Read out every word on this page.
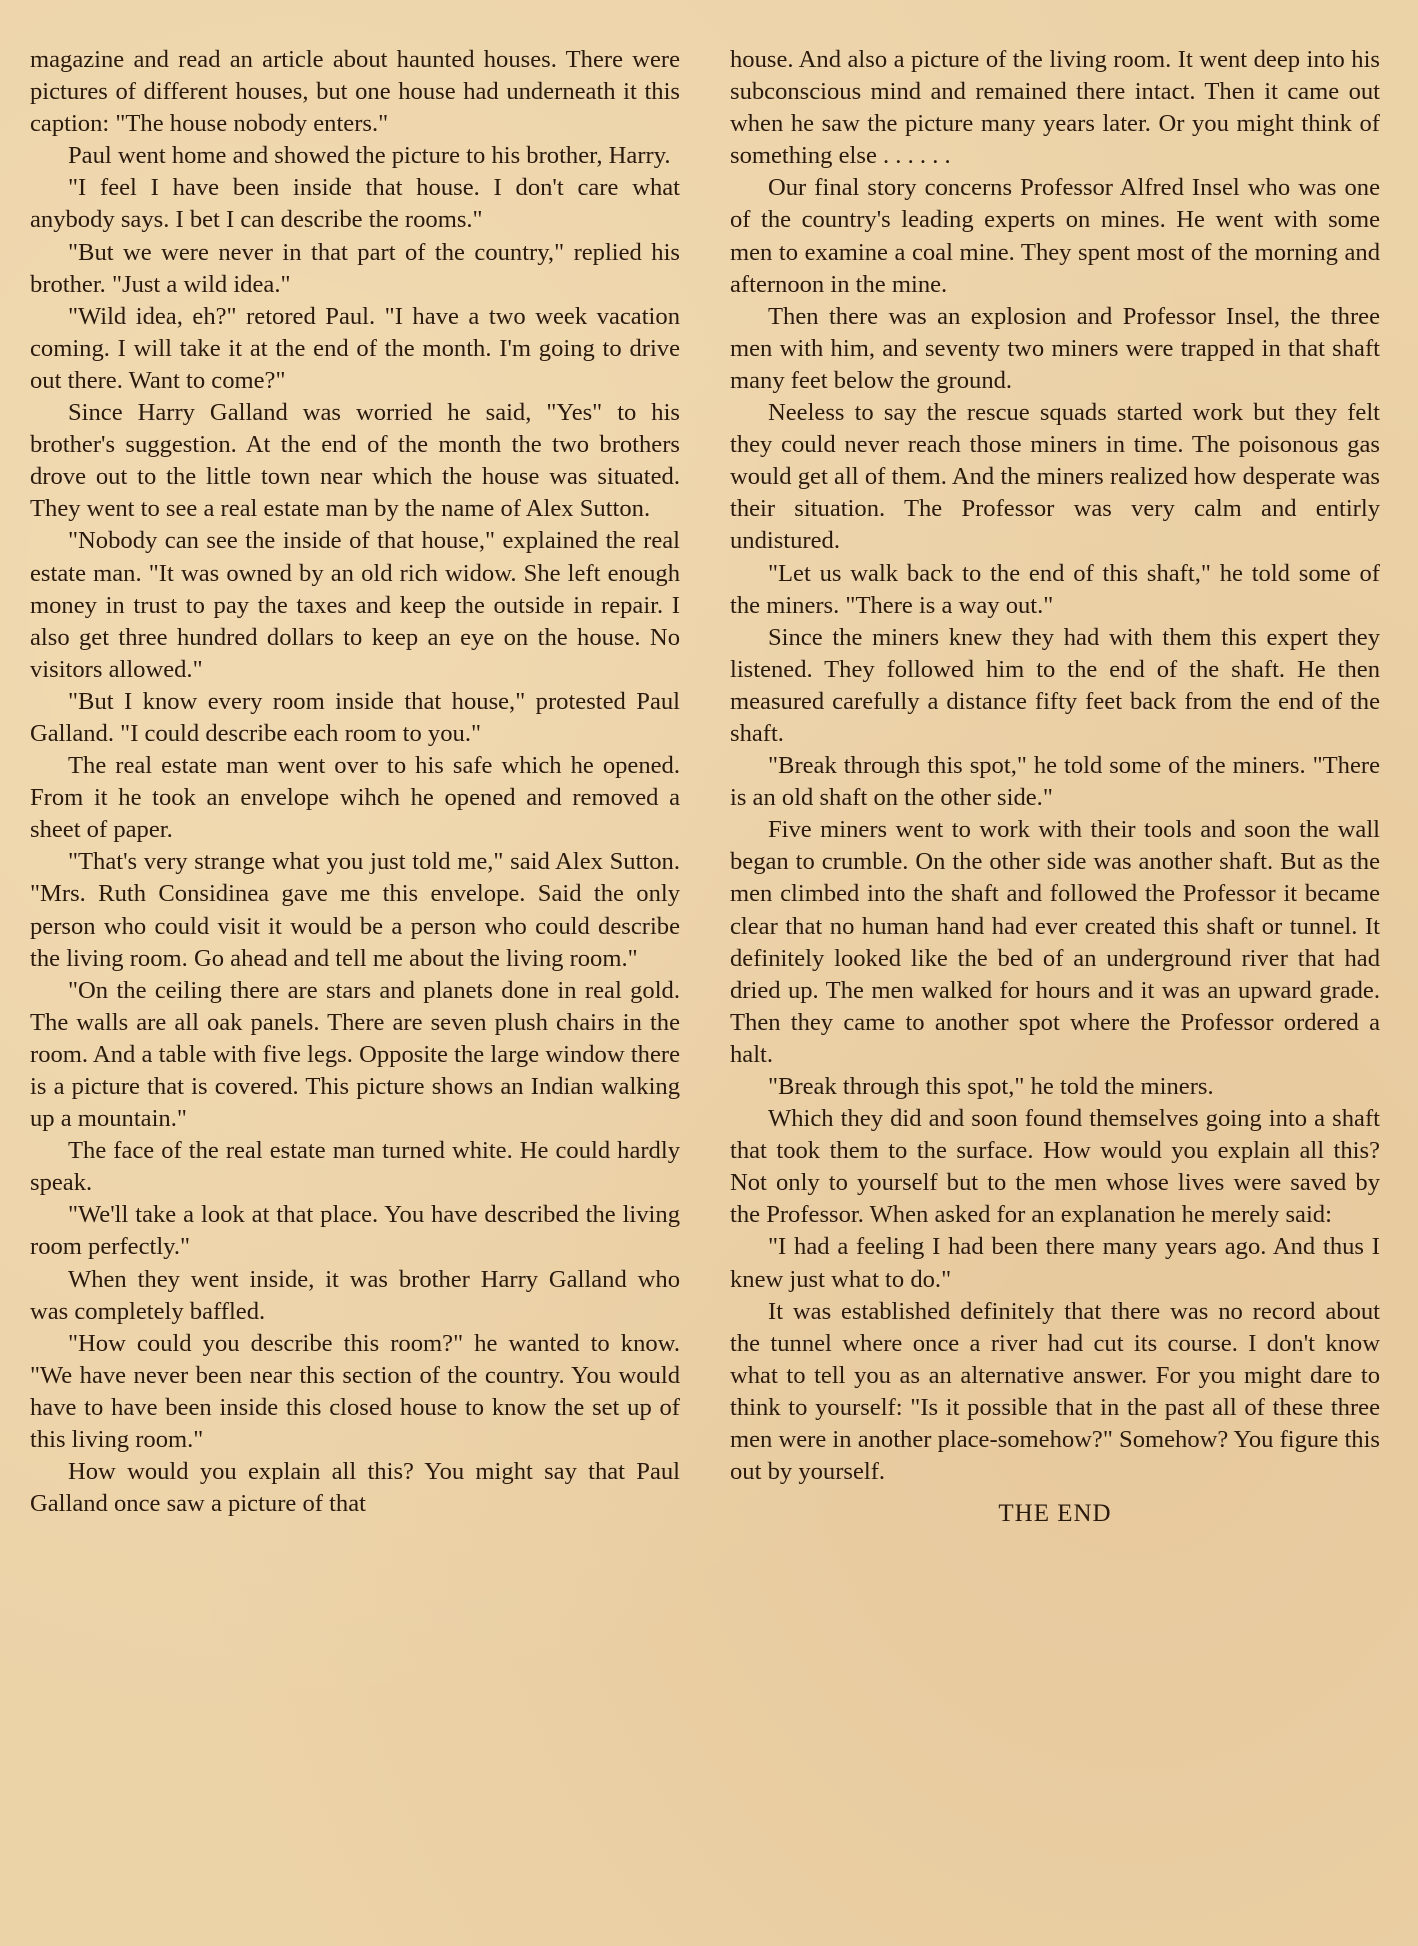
magazine and read an article about haunted houses. There were pictures of different houses, but one house had underneath it this caption: "The house nobody enters."

Paul went home and showed the picture to his brother, Harry.

"I feel I have been inside that house. I don't care what anybody says. I bet I can describe the rooms."

"But we were never in that part of the country," replied his brother. "Just a wild idea."

"Wild idea, eh?" retored Paul. "I have a two week vacation coming. I will take it at the end of the month. I'm going to drive out there. Want to come?"

Since Harry Galland was worried he said, "Yes" to his brother's suggestion. At the end of the month the two brothers drove out to the little town near which the house was situated. They went to see a real estate man by the name of Alex Sutton.

"Nobody can see the inside of that house," explained the real estate man. "It was owned by an old rich widow. She left enough money in trust to pay the taxes and keep the outside in repair. I also get three hundred dollars to keep an eye on the house. No visitors allowed."

"But I know every room inside that house," protested Paul Galland. "I could describe each room to you."

The real estate man went over to his safe which he opened. From it he took an envelope wihch he opened and removed a sheet of paper.

"That's very strange what you just told me," said Alex Sutton. "Mrs. Ruth Considinea gave me this envelope. Said the only person who could visit it would be a person who could describe the living room. Go ahead and tell me about the living room."

"On the ceiling there are stars and planets done in real gold. The walls are all oak panels. There are seven plush chairs in the room. And a table with five legs. Opposite the large window there is a picture that is covered. This picture shows an Indian walking up a mountain."

The face of the real estate man turned white. He could hardly speak.

"We'll take a look at that place. You have described the living room perfectly."

When they went inside, it was brother Harry Galland who was completely baffled.

"How could you describe this room?" he wanted to know. "We have never been near this section of the country. You would have to have been inside this closed house to know the set up of this living room."

How would you explain all this? You might say that Paul Galland once saw a picture of that

house. And also a picture of the living room. It went deep into his subconscious mind and remained there intact. Then it came out when he saw the picture many years later. Or you might think of something else . . . . . .

Our final story concerns Professor Alfred Insel who was one of the country's leading experts on mines. He went with some men to examine a coal mine. They spent most of the morning and afternoon in the mine.

Then there was an explosion and Professor Insel, the three men with him, and seventy two miners were trapped in that shaft many feet below the ground.

Neeless to say the rescue squads started work but they felt they could never reach those miners in time. The poisonous gas would get all of them. And the miners realized how desperate was their situation. The Professor was very calm and entirly undistured.

"Let us walk back to the end of this shaft," he told some of the miners. "There is a way out."

Since the miners knew they had with them this expert they listened. They followed him to the end of the shaft. He then measured carefully a distance fifty feet back from the end of the shaft.

"Break through this spot," he told some of the miners. "There is an old shaft on the other side."

Five miners went to work with their tools and soon the wall began to crumble. On the other side was another shaft. But as the men climbed into the shaft and followed the Professor it became clear that no human hand had ever created this shaft or tunnel. It definitely looked like the bed of an underground river that had dried up. The men walked for hours and it was an upward grade. Then they came to another spot where the Professor ordered a halt.

"Break through this spot," he told the miners.

Which they did and soon found themselves going into a shaft that took them to the surface. How would you explain all this? Not only to yourself but to the men whose lives were saved by the Professor. When asked for an explanation he merely said:

"I had a feeling I had been there many years ago. And thus I knew just what to do."

It was established definitely that there was no record about the tunnel where once a river had cut its course. I don't know what to tell you as an alternative answer. For you might dare to think to yourself: "Is it possible that in the past all of these three men were in another place-somehow?" Somehow? You figure this out by yourself.

THE END
